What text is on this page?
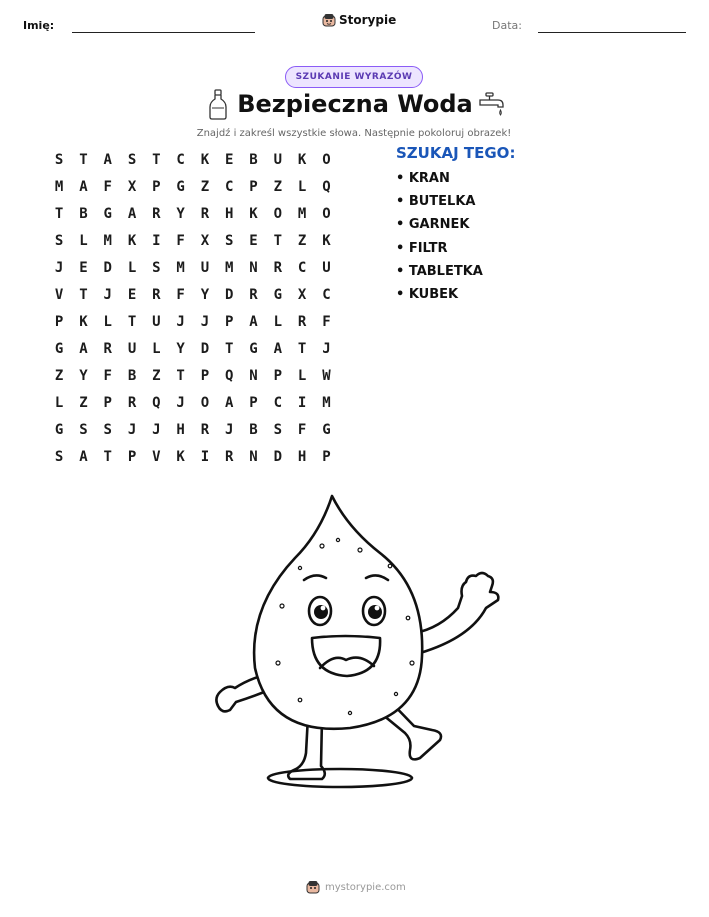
Imię:	Storypie	Data:
SZUKANIE WYRAZÓW
Bezpieczna Woda
Znajdź i zakreśl wszystkie słowa. Następnie pokoloruj obrazek!
S	T	A	S	T	C	K	E	B	U	K	O
M	A	F	X	P	G	Z	C	P	Z	L	Q
T	B	G	A	R	Y	R	H	K	O	M	O
S	L	M	K	I	F	X	S	E	T	Z	K
J	E	D	L	S	M	U	M	N	R	C	U
V	T	J	E	R	F	Y	D	R	G	X	C
P	K	L	T	U	J	J	P	A	L	R	F
G	A	R	U	L	Y	D	T	G	A	T	J
Z	Y	F	B	Z	T	P	Q	N	P	L	W
L	Z	P	R	Q	J	O	A	P	C	I	M
G	S	S	J	J	H	R	J	B	S	F	G
S	A	T	P	V	K	I	R	N	D	H	P
SZUKAJ TEGO:
• KRAN
• BUTELKA
• GARNEK
• FILTR
• TABLETKA
• KUBEK
mystorypie.com
